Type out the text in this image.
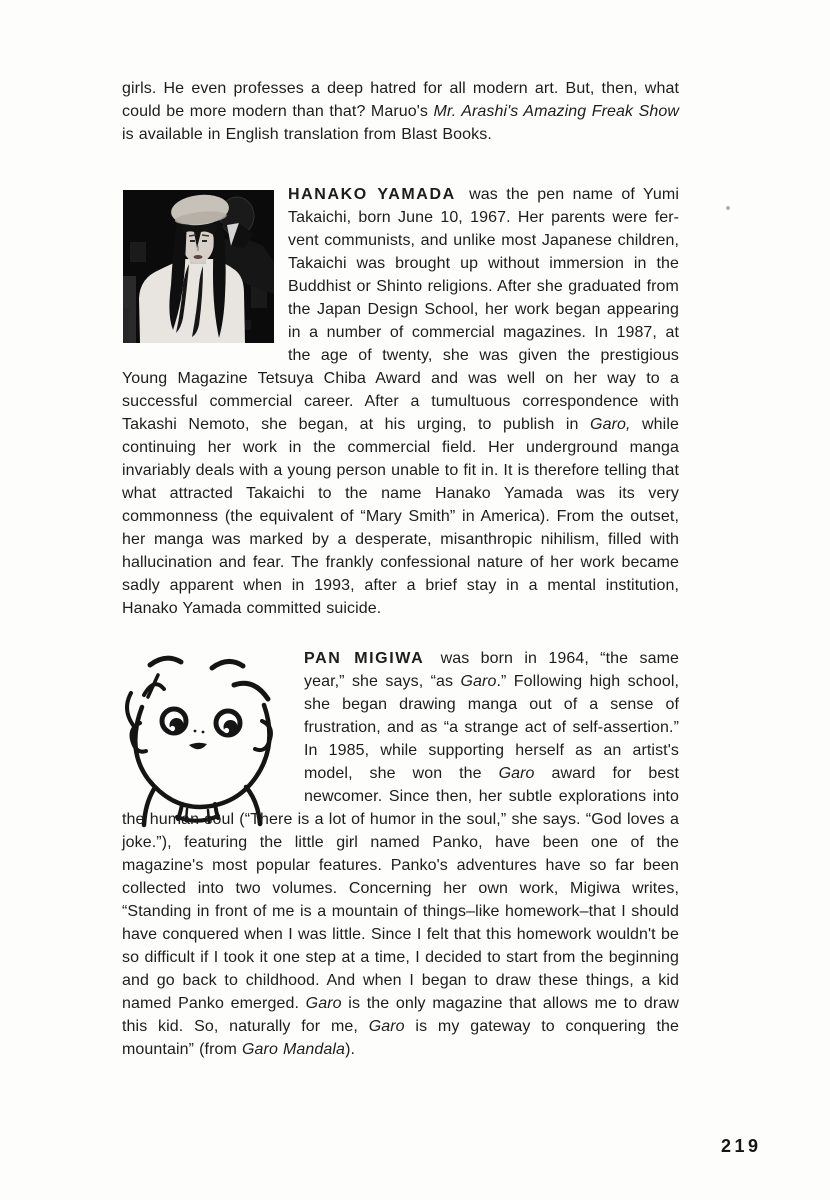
girls. He even professes a deep hatred for all modern art. But, then, what could be more modern than that? Maruo's Mr. Arashi's Amazing Freak Show is available in English translation from Blast Books.

HANAKO YAMADA was the pen name of Yumi Takaichi, born June 10, 1967. Her parents were fervent communists, and unlike most Japanese children, Takaichi was brought up without immersion in the Buddhist or Shinto religions. After she graduated from the Japan Design School, her work began appearing in a number of commercial magazines. In 1987, at the age of twenty, she was given the prestigious Young Magazine Tetsuya Chiba Award and was well on her way to a successful commercial career. After a tumultuous correspondence with Takashi Nemoto, she began, at his urging, to publish in Garo, while continuing her work in the commercial field. Her underground manga invariably deals with a young person unable to fit in. It is therefore telling that what attracted Takaichi to the name Hanako Yamada was its very commonness (the equivalent of “Mary Smith” in America). From the outset, her manga was marked by a desperate, misanthropic nihilism, filled with hallucination and fear. The frankly confessional nature of her work became sadly apparent when in 1993, after a brief stay in a mental institution, Hanako Yamada committed suicide.

PAN MIGIWA was born in 1964, “the same year,” she says, “as Garo.” Following high school, she began drawing manga out of a sense of frustration, and as “a strange act of self-assertion.” In 1985, while supporting herself as an artist's model, she won the Garo award for best newcomer. Since then, her subtle explorations into the human soul (“There is a lot of humor in the soul,” she says. “God loves a joke.”), featuring the little girl named Panko, have been one of the magazine's most popular features. Panko's adventures have so far been collected into two volumes. Concerning her own work, Migiwa writes, “Standing in front of me is a mountain of things–like homework–that I should have conquered when I was little. Since I felt that this homework wouldn't be so difficult if I took it one step at a time, I decided to start from the beginning and go back to childhood. And when I began to draw these things, a kid named Panko emerged. Garo is the only magazine that allows me to draw this kid. So, naturally for me, Garo is my gateway to conquering the mountain” (from Garo Mandala).

219
